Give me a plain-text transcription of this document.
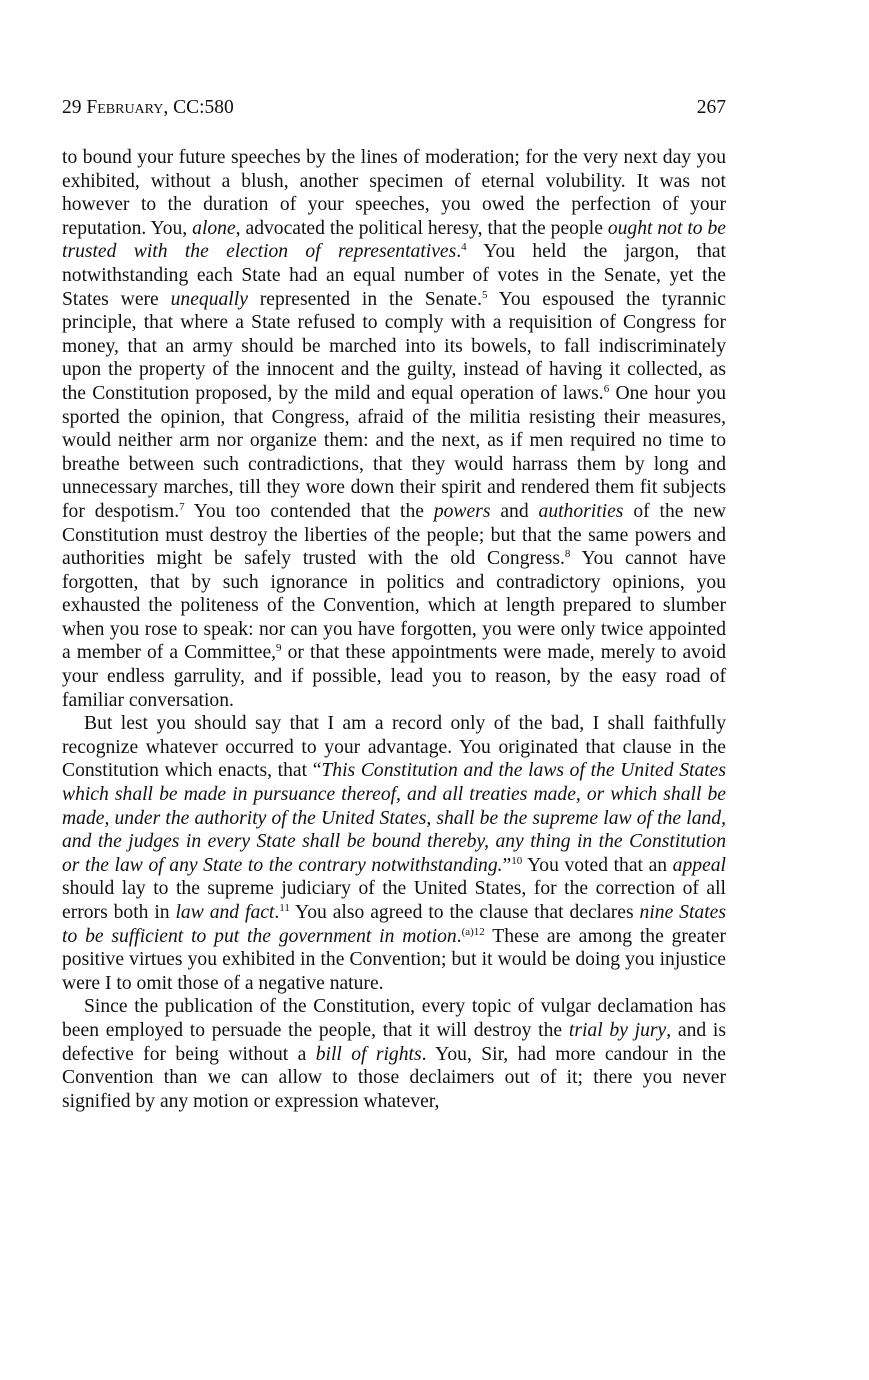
29 February, CC:580	267

to bound your future speeches by the lines of moderation; for the very next day you exhibited, without a blush, another specimen of eternal volubility. It was not however to the duration of your speeches, you owed the perfection of your reputation. You, alone, advocated the political heresy, that the people ought not to be trusted with the election of representatives.$^4$ You held the jargon, that notwithstanding each State had an equal number of votes in the Senate, yet the States were unequally represented in the Senate.$^5$ You espoused the tyrannic principle, that where a State refused to comply with a requisition of Congress for money, that an army should be marched into its bowels, to fall indiscriminately upon the property of the innocent and the guilty, instead of having it collected, as the Constitution proposed, by the mild and equal operation of laws.$^6$ One hour you sported the opinion, that Congress, afraid of the militia resisting their measures, would neither arm nor organize them: and the next, as if men required no time to breathe between such contradictions, that they would harrass them by long and unnecessary marches, till they wore down their spirit and rendered them fit subjects for despotism.$^7$ You too contended that the powers and authorities of the new Constitution must destroy the liberties of the people; but that the same powers and authorities might be safely trusted with the old Congress.$^8$ You cannot have forgotten, that by such ignorance in politics and contradictory opinions, you exhausted the politeness of the Convention, which at length prepared to slumber when you rose to speak: nor can you have forgotten, you were only twice appointed a member of a Committee,$^9$ or that these appointments were made, merely to avoid your endless garrulity, and if possible, lead you to reason, by the easy road of familiar conversation.

But lest you should say that I am a record only of the bad, I shall faithfully recognize whatever occurred to your advantage. You originated that clause in the Constitution which enacts, that “This Constitution and the laws of the United States which shall be made in pursuance thereof, and all treaties made, or which shall be made, under the authority of the United States, shall be the supreme law of the land, and the judges in every State shall be bound thereby, any thing in the Constitution or the law of any State to the contrary notwithstanding.”$^{10}$ You voted that an appeal should lay to the supreme judiciary of the United States, for the correction of all errors both in law and fact.$^{11}$ You also agreed to the clause that declares nine States to be sufficient to put the government in motion.$^{(a)12}$ These are among the greater positive virtues you exhibited in the Convention; but it would be doing you injustice were I to omit those of a negative nature.

Since the publication of the Constitution, every topic of vulgar declamation has been employed to persuade the people, that it will destroy the trial by jury, and is defective for being without a bill of rights. You, Sir, had more candour in the Convention than we can allow to those declaimers out of it; there you never signified by any motion or expression whatever,
